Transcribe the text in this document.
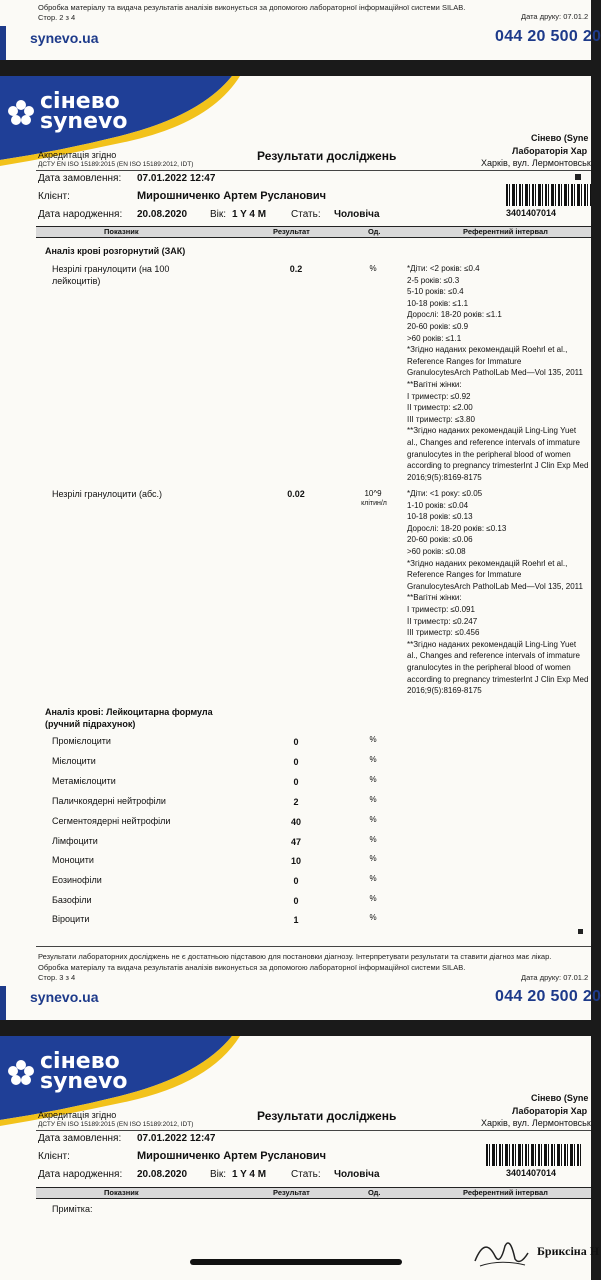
Обробка матеріалу та видача результатів аналізів виконується за допомогою лабораторної інформаційної системи SILAB.
Стор. 2 з 4	Дата друку: 07.01.2
synevo.ua	044 20 500 20
сінево
synevo
Акредитація згідно
ДСТУ EN ISO 15189:2015 (EN ISO 15189:2012, IDT)
Результати досліджень
Сінево (Syne
Лабораторія Хар
Харків, вул. Лермонтовськ
Дата замовлення: 07.01.2022 12:47
Клієнт:	Мирошниченко Артем Русланович
Дата народження: 20.08.2020 Вік: 1 Y 4 M Стать: Чоловіча	3401407014
Показник	Результат	Од.	Референтний інтервал
Аналіз крові розгорнутий (ЗАК)
Незрілі гранулоцити (на 100
лейкоцитів)
0.2	%	*Діти: <2 років: ≤0.4
2-5 років: ≤0.3
5-10 років: ≤0.4
10-18 років: ≤1.1
Дорослі: 18-20 років: ≤1.1
20-60 років: ≤0.9
>60 років: ≤1.1
*Згідно наданих рекомендацій Roehrl et al.,
Reference Ranges for Immature
GranulocytesArch PatholLab Med—Vol 135, 2011
**Вагітні жінки:
І триместр: ≤0.92
ІІ триместр: ≤2.00
ІІІ триместр: ≤3.80
**Згідно наданих рекомендацій Ling-Ling Yuet
al., Changes and reference intervals of immature
granulocytes in the peripheral blood of women
according to pregnancy trimesterInt J Clin Exp Med
2016;9(5):8169-8175
Незрілі гранулоцити (абс.)	0.02	10^9
клітин/л
*Діти: <1 року: ≤0.05
1-10 років: ≤0.04
10-18 років: ≤0.13
Дорослі: 18-20 років: ≤0.13
20-60 років: ≤0.06
>60 років: ≤0.08
*Згідно наданих рекомендацій Roehrl et al.,
Reference Ranges for Immature
GranulocytesArch PatholLab Med—Vol 135, 2011
**Вагітні жінки:
І триместр: ≤0.091
ІІ триместр: ≤0.247
ІІІ триместр: ≤0.456
**Згідно наданих рекомендацій Ling-Ling Yuet
al., Changes and reference intervals of immature
granulocytes in the peripheral blood of women
according to pregnancy trimesterInt J Clin Exp Med
2016;9(5):8169-8175
Аналіз крові: Лейкоцитарна формула
(ручний підрахунок)
Промієлоцити	0	%
Мієлоцити	0	%
Метамієлоцити	0	%
Паличкоядерні нейтрофіли	2	%
Сегментоядерні нейтрофіли	40	%
Лімфоцити	47	%
Моноцити	10	%
Еозинофіли	0	%
Базофіли	0	%
Віроцити	1	%
Результати лабораторних досліджень не є достатньою підставою для постановки діагнозу. Інтерпретувати результати та ставити діагноз має лікар.
Обробка матеріалу та видача результатів аналізів виконується за допомогою лабораторної інформаційної системи SILAB.
Стор. 3 з 4	Дата друку: 07.01.2
synevo.ua	044 20 500 20
сінево
synevo
Акредитація згідно
ДСТУ EN ISO 15189:2015 (EN ISO 15189:2012, IDT)
Результати досліджень
Сінево (Syne
Лабораторія Хар
Харків, вул. Лермонтовськ
Дата замовлення: 07.01.2022 12:47
Клієнт:	Мирошниченко Артем Русланович
Дата народження: 20.08.2020 Вік: 1 Y 4 M Стать: Чоловіча	3401407014
Показник	Результат	Од.	Референтний інтервал
Примітка:
Бриксіна Н
